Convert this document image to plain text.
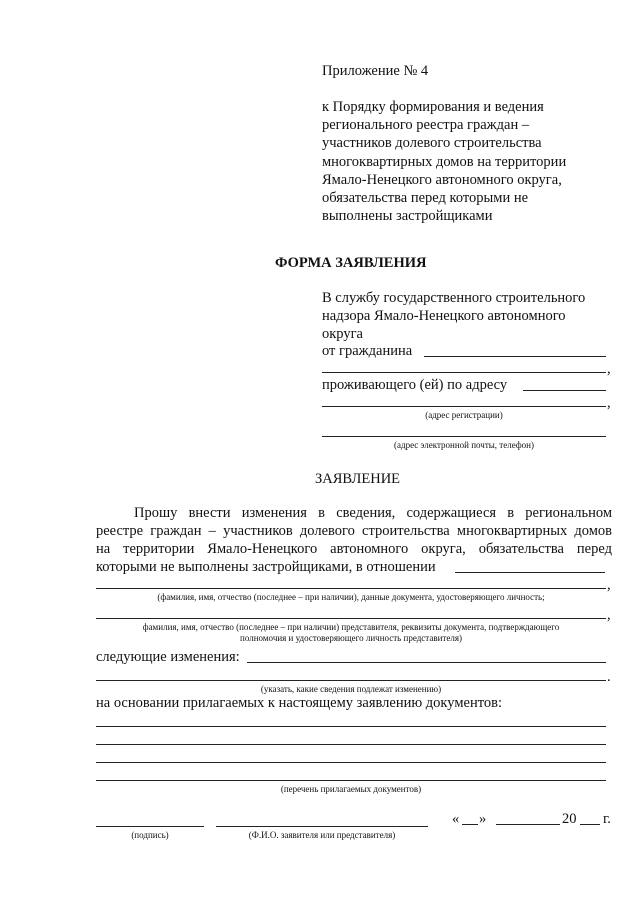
Приложение № 4
к Порядку формирования и ведения
регионального реестра граждан –
участников долевого строительства
многоквартирных домов на территории
Ямало-Ненецкого автономного округа,
обязательства перед которыми не
выполнены застройщиками
ФОРМА ЗАЯВЛЕНИЯ
В службу государственного строительного
надзора Ямало-Ненецкого автономного
округа
от гражданина
,
проживающего (ей) по адресу
,
(адрес регистрации)
(адрес электронной почты, телефон)
ЗАЯВЛЕНИЕ
Прошу внести изменения в сведения, содержащиеся в региональном
реестре граждан – участников долевого строительства многоквартирных домов
на территории Ямало-Ненецкого автономного округа, обязательства перед
которыми не выполнены застройщиками, в отношении
,
(фамилия, имя, отчество (последнее – при наличии), данные документа, удостоверяющего личность;
,
фамилия, имя, отчество (последнее – при наличии) представителя, реквизиты документа, подтверждающего
полномочия и удостоверяющего личность представителя)
следующие изменения:
.
(указать, какие сведения подлежат изменению)
на основании прилагаемых к настоящему заявлению документов:
(перечень прилагаемых документов)
(подпись)	(Ф.И.О. заявителя или представителя)
« »	20 г.
